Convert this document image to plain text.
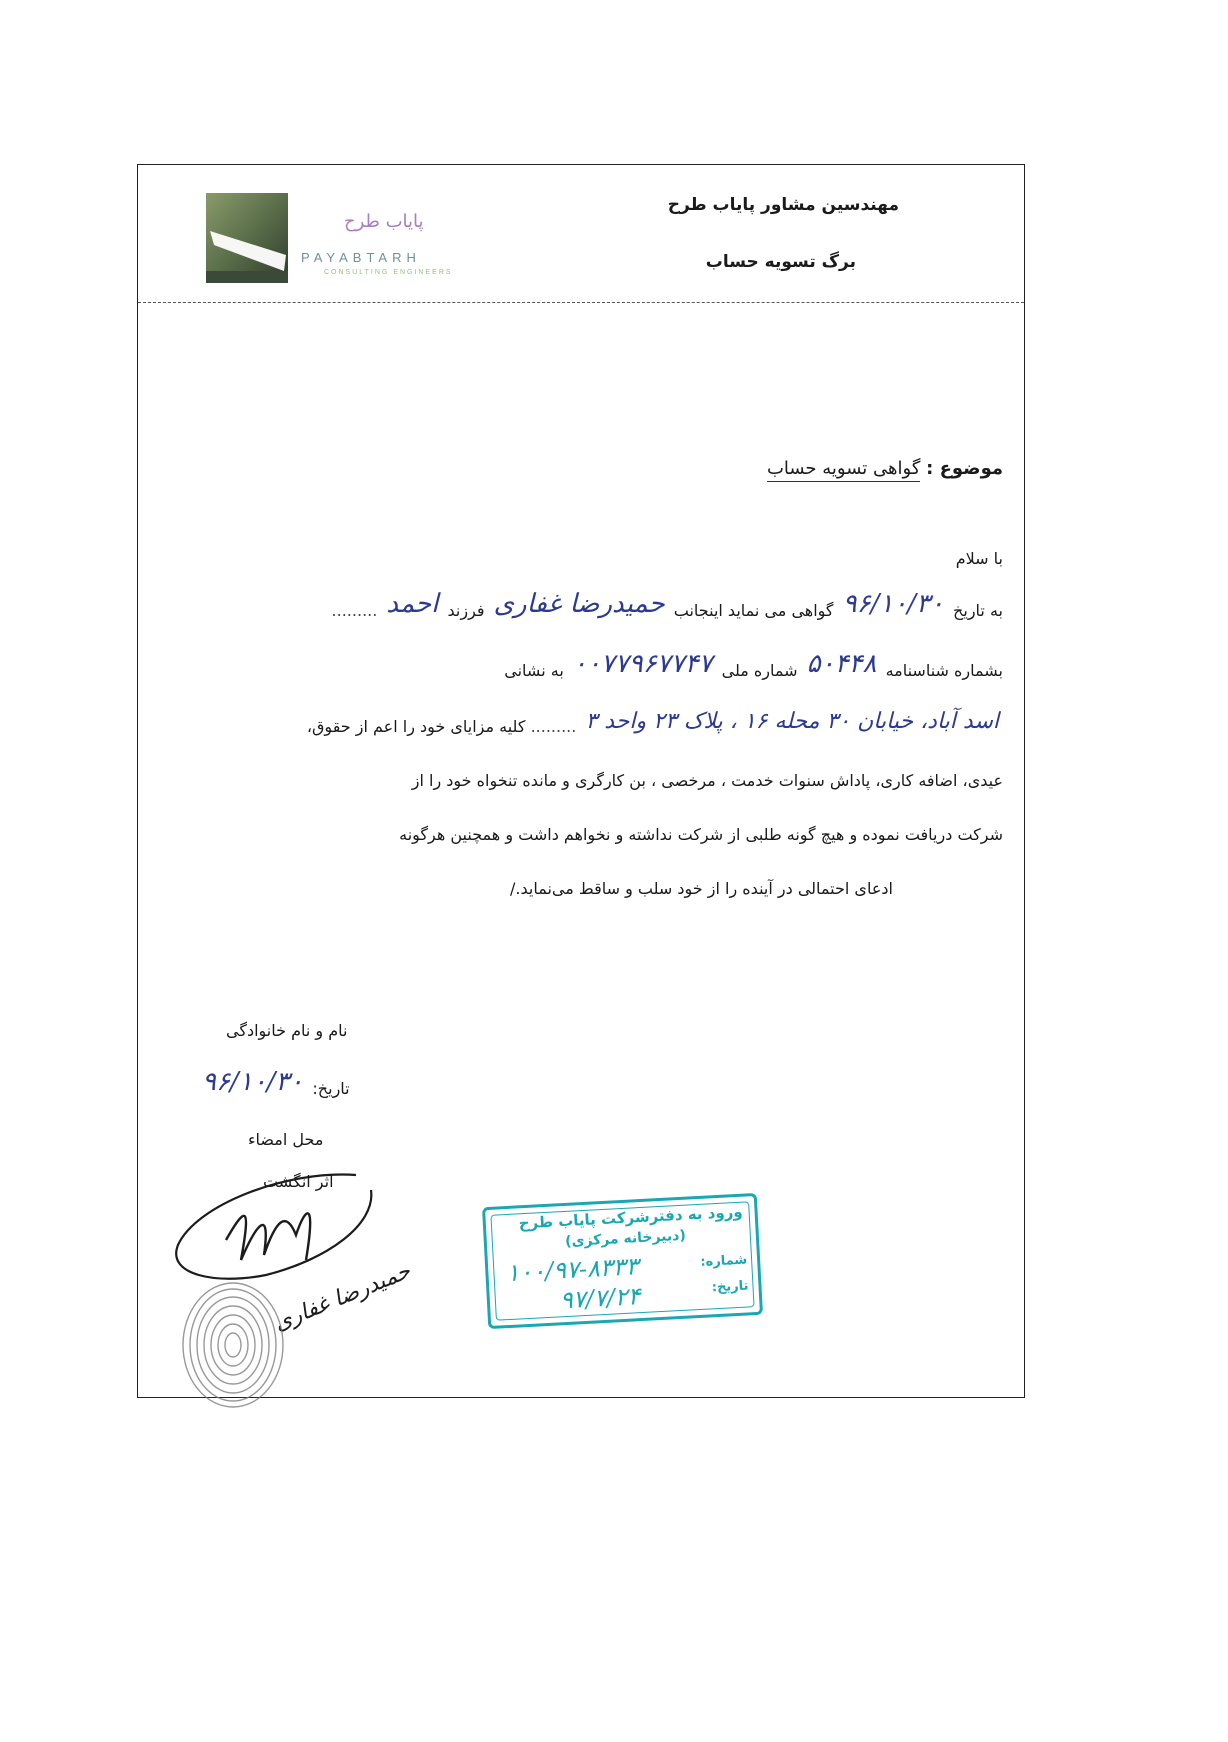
پایاب طرح
PAYABTARH
CONSULTING ENGINEERS
مهندسین مشاور پایاب طرح
برگ تسویه حساب
موضوع : گواهی تسویه حساب
با سلام
به تاریخ ۹۶/۱۰/۳۰ گواهی می نماید اینجانب حمیدرضا غفاری فرزند احمد .........
بشماره شناسنامه ۵۰۴۴۸ شماره ملی ۰۰۷۷۹۶۷۷۴۷ به نشانی
اسد آباد، خیابان ۳۰ محله ۱۶ ، پلاک ۲۳ واحد ۳ ......... کلیه مزایای خود را اعم از حقوق،
عیدی، اضافه کاری، پاداش سنوات خدمت ، مرخصی ، بن کارگری و مانده تنخواه خود را از
شرکت دریافت نموده و هیچ گونه طلبی از شرکت نداشته و نخواهم داشت و همچنین هرگونه
ادعای احتمالی در آینده را از خود سلب و ساقط می‌نماید./
نام و نام خانوادگی
تاریخ: ۹۶/۱۰/۳۰
محل امضاء
اثر انگشت
حمیدرضا غفاری
ورود به دفترشرکت پایاب طرح
(دبیرخانه مرکزی)
شماره:
۱۰۰/۹۷-۸۳۳۳	تاریخ:
۹۷/۷/۲۴
